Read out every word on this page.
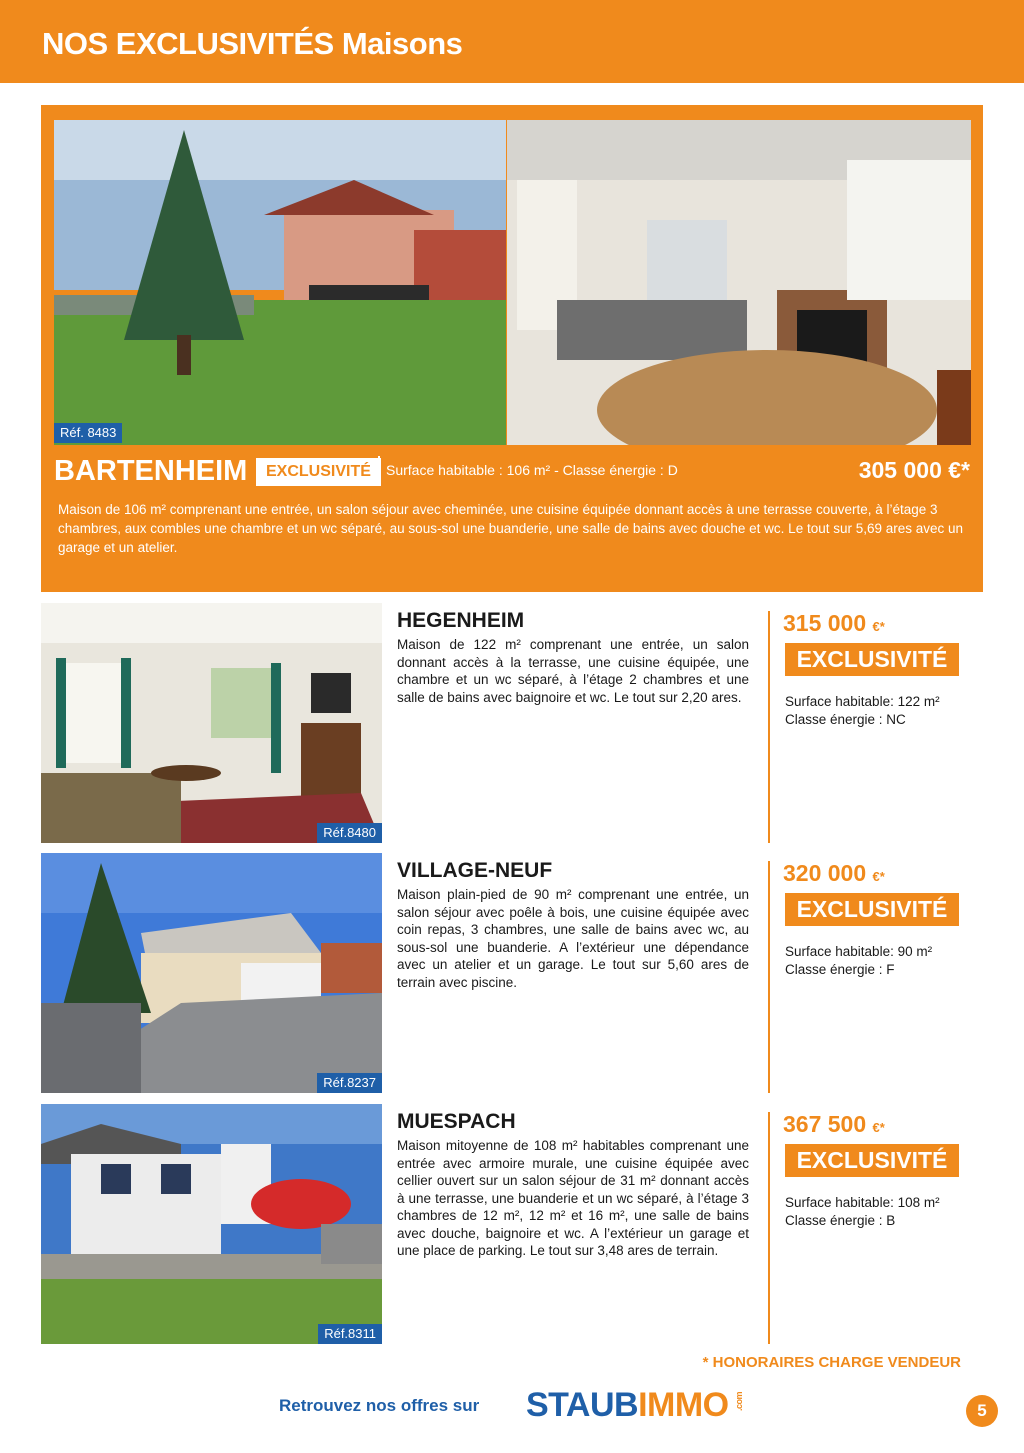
NOS EXCLUSIVITÉS Maisons
Réf. 8483
BARTENHEIM	EXCLUSIVITÉ	Surface habitable : 106 m² - Classe énergie : D	305 000 €*
Maison de 106 m² comprenant une entrée, un salon séjour avec cheminée, une cuisine équipée donnant accès à une terrasse couverte, à l’étage 3 chambres, aux combles une chambre et un wc séparé, au sous-sol une buanderie, une salle de bains avec douche et wc. Le tout sur 5,69 ares avec un garage et un atelier.
Réf.8480
HEGENHEIM
Maison de 122 m² comprenant une entrée, un salon donnant accès à la terrasse, une cuisine équipée, une chambre et un wc séparé, à l’étage 2 chambres et une salle de bains avec baignoire et wc. Le tout sur 2,20 ares.
315 000 €*
EXCLUSIVITÉ
Surface habitable: 122 m²
Classe énergie : NC
Réf.8237
VILLAGE-NEUF
Maison plain-pied de 90 m² comprenant une entrée, un salon séjour avec poêle à bois, une cuisine équipée avec coin repas, 3 chambres, une salle de bains avec wc, au sous-sol une buanderie. A l’extérieur une dépendance avec un atelier et un garage. Le tout sur 5,60 ares de terrain avec piscine.
320 000 €*
EXCLUSIVITÉ
Surface habitable: 90 m²
Classe énergie : F
Réf.8311
MUESPACH
Maison mitoyenne de 108 m² habitables comprenant une entrée avec armoire murale, une cuisine équipée avec cellier ouvert sur un salon séjour de 31 m² donnant accès à une terrasse, une buanderie et un wc séparé, à l’étage 3 chambres de 12 m², 12 m² et 16 m², une salle de bains avec douche, baignoire et wc. A l’extérieur un garage et une place de parking. Le tout sur 3,48 ares de terrain.
367 500 €*
EXCLUSIVITÉ
Surface habitable: 108 m²
Classe énergie : B
* HONORAIRES CHARGE VENDEUR
Retrouvez nos offres sur STAUBIMMO .com	5
